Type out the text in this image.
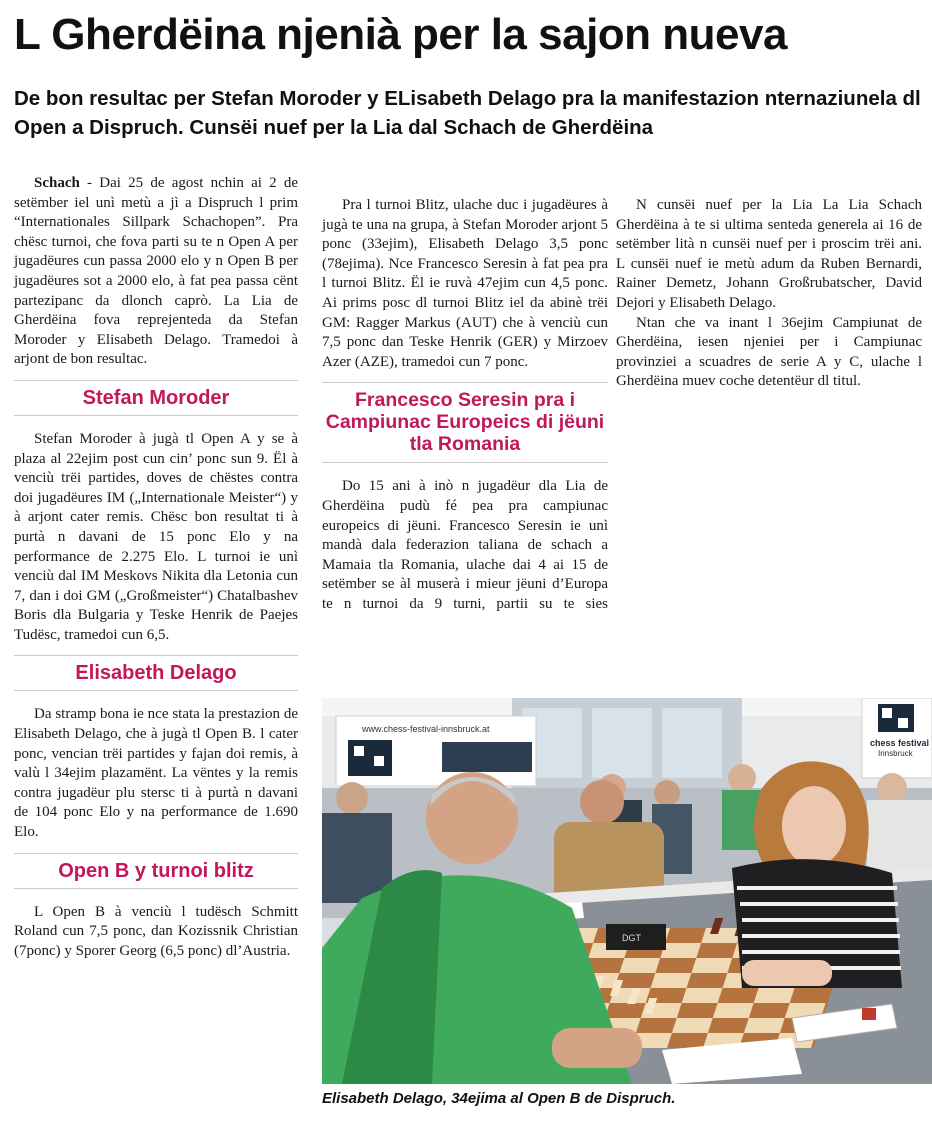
L Gherdëina njenià per la sajon nueva
De bon resultac per Stefan Moroder y ELisabeth Delago pra la manifestazion nternaziunela dl Open a Dispruch. Cunsëi nuef per la Lia dal Schach de Gherdëina

Schach - Dai 25 de agost nchin ai 2 de setëmber iel unì metù a jì a Dispruch l prim “Internationales Sillpark Schachopen”. Pra chësc turnoi, che fova parti su te n Open A per jugadëures cun passa 2000 elo y n Open B per jugadëures sot a 2000 elo, à fat pea passa cënt partezipanc da dlonch caprò. La Lia de Gherdëina fova reprejenteda da Stefan Moroder y Elisabeth Delago. Tramedoi à arjont de bon resultac.

Stefan Moroder

Stefan Moroder à jugà tl Open A y se à plaza al 22ejim post cun cin’ ponc sun 9. Ël à venciù trëi partides, doves de chëstes contra doi jugadëures IM („Internationale Meister“) y à arjont cater remis. Chësc bon resultat ti à purtà n davani de 15 ponc Elo y na performance de 2.275 Elo. L turnoi ie unì venciù dal IM Meskovs Nikita dla Letonia cun 7, dan i doi GM („Großmeister“) Chatalbashev Boris dla Bulgaria y Teske Henrik de Paejes Tudësc, tramedoi cun 6,5.

Elisabeth Delago

Da stramp bona ie nce stata la prestazion de Elisabeth Delago, che à jugà tl Open B. l cater ponc, vencian trëi partides y fajan doi remis, à valù l 34ejim plazamënt. La vëntes y la remis contra jugadëur plu stersc ti à purtà n davani de 104 ponc Elo y na performance de 1.690 Elo.

Open B y turnoi blitz

L Open B à venciù l tudësch Schmitt Roland cun 7,5 ponc, dan Kozissnik Christian (7ponc) y Sporer Georg (6,5 ponc) dl’Austria.

Pra l turnoi Blitz, ulache duc i jugadëures à jugà te una na grupa, à Stefan Moroder arjont 5 ponc (33ejim), Elisabeth Delago 3,5 ponc (78ejima). Nce Francesco Seresin à fat pea pra l turnoi Blitz. Ël ie ruvà 47ejim cun 4,5 ponc. Ai prims posc dl turnoi Blitz iel da abinè trëi GM: Ragger Markus (AUT) che à venciù cun 7,5 ponc dan Teske Henrik (GER) y Mirzoev Azer (AZE), tramedoi cun 7 ponc.

Francesco Seresin pra i Campiunac Europeics di jëuni tla Romania

Do 15 ani à inò n jugadëur dla Lia de Gherdëina pudù fé pea pra campiunac europeics di jëuni. Francesco Seresin ie unì mandà dala federazion taliana de schach a Mamaia tla Romania, ulache dai 4 ai 15 de setëmber se àl muserà i mieur jëuni d’Europa te n turnoi da 9 turni, partii su te sies

N cunsëi nuef per la Lia La Lia Schach Gherdëina à te si ultima senteda generela ai 16 de setëmber lità n cunsëi nuef per i proscim trëi ani. L cunsëi nuef ie metù adum da Ruben Bernardi, Rainer Demetz, Johann Großrubatscher, David Dejori y Elisabeth Delago.

Ntan che va inant l 36ejim Campiunat de Gherdëina, iesen njeniei per i Campiunac provinziei a scuadres de serie A y C, ulache l Gherdëina muev coche detentëur dl titul.

www.chess-festival-innsbruck.at
chess festival
Innsbruck
DGT
Elisabeth Delago, 34ejima al Open B de Dispruch.
